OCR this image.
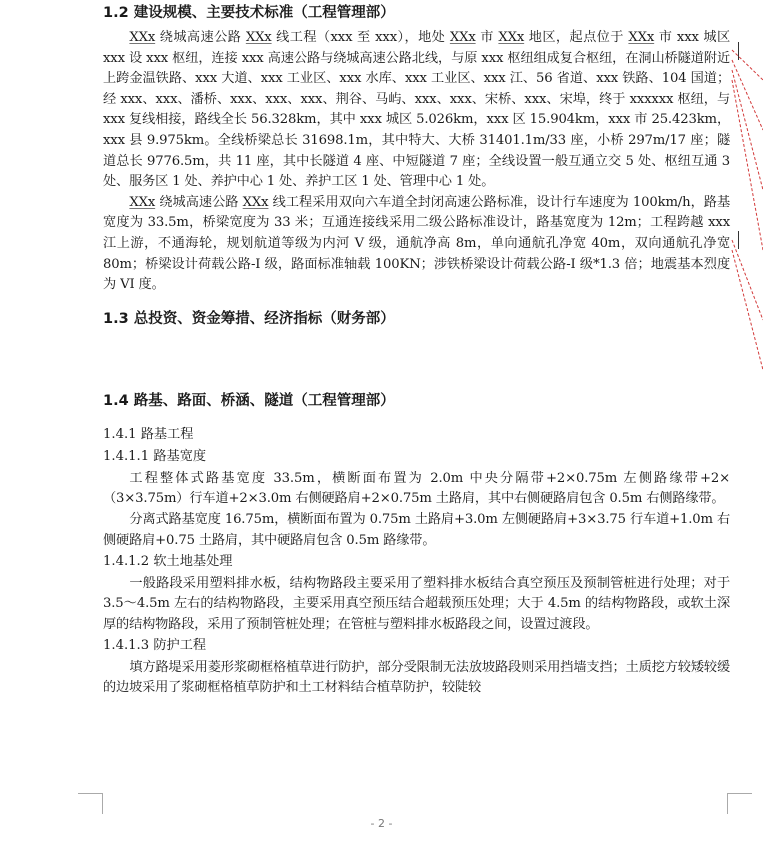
1.2 建设规模、主要技术标准（工程管理部）

XXx 绕城高速公路 XXx 线工程（xxx 至 xxx），地处 XXx 市 XXx 地区，起点位于 XXx 市 xxx 城区 xxx 设 xxx 枢纽，连接 xxx 高速公路与绕城高速公路北线，与原 xxx 枢纽组成复合枢纽，在洞山桥隧道附近上跨金温铁路、xxx 大道、xxx 工业区、xxx 水库、xxx 工业区、xxx 江、56 省道、xxx 铁路、104 国道；经 xxx、xxx、潘桥、xxx、xxx、xxx、荆谷、马屿、xxx、xxx、宋桥、xxx、宋埠，终于 xxxxxx 枢纽，与 xxx 复线相接，路线全长 56.328km，其中 xxx 城区 5.026km，xxx 区 15.904km，xxx 市 25.423km，xxx 县 9.975km。全线桥梁总长 31698.1m，其中特大、大桥 31401.1m/33 座，小桥 297m/17 座；隧道总长 9776.5m，共 11 座，其中长隧道 4 座、中短隧道 7 座；全线设置一般互通立交 5 处、枢纽互通 3 处、服务区 1 处、养护中心 1 处、养护工区 1 处、管理中心 1 处。

XXx 绕城高速公路 XXx 线工程采用双向六车道全封闭高速公路标准，设计行车速度为 100km/h，路基宽度为 33.5m，桥梁宽度为 33 米；互通连接线采用二级公路标准设计，路基宽度为 12m；工程跨越 xxx 江上游，不通海轮，规划航道等级为内河 V 级，通航净高 8m，单向通航孔净宽 40m，双向通航孔净宽 80m；桥梁设计荷载公路-I 级，路面标准轴载 100KN；涉铁桥梁设计荷载公路-I 级*1.3 倍；地震基本烈度为 VI 度。

1.3 总投资、资金筹措、经济指标（财务部）
1.4 路基、路面、桥涵、隧道（工程管理部）
1.4.1 路基工程
1.4.1.1 路基宽度

工程整体式路基宽度 33.5m，横断面布置为 2.0m 中央分隔带+2×0.75m 左侧路缘带+2×（3×3.75m）行车道+2×3.0m 右侧硬路肩+2×0.75m 土路肩，其中右侧硬路肩包含 0.5m 右侧路缘带。

分离式路基宽度 16.75m，横断面布置为 0.75m 土路肩+3.0m 左侧硬路肩+3×3.75 行车道+1.0m 右侧硬路肩+0.75 土路肩，其中硬路肩包含 0.5m 路缘带。

1.4.1.2 软土地基处理

一般路段采用塑料排水板，结构物路段主要采用了塑料排水板结合真空预压及预制管桩进行处理；对于 3.5～4.5m 左右的结构物路段，主要采用真空预压结合超载预压处理；大于 4.5m 的结构物路段，或软土深厚的结构物路段，采用了预制管桩处理；在管桩与塑料排水板路段之间，设置过渡段。

1.4.1.3 防护工程

填方路堤采用菱形浆砌框格植草进行防护，部分受限制无法放坡路段则采用挡墙支挡；土质挖方较矮较缓的边坡采用了浆砌框格植草防护和土工材料结合植草防护，较陡较

- 2 -
